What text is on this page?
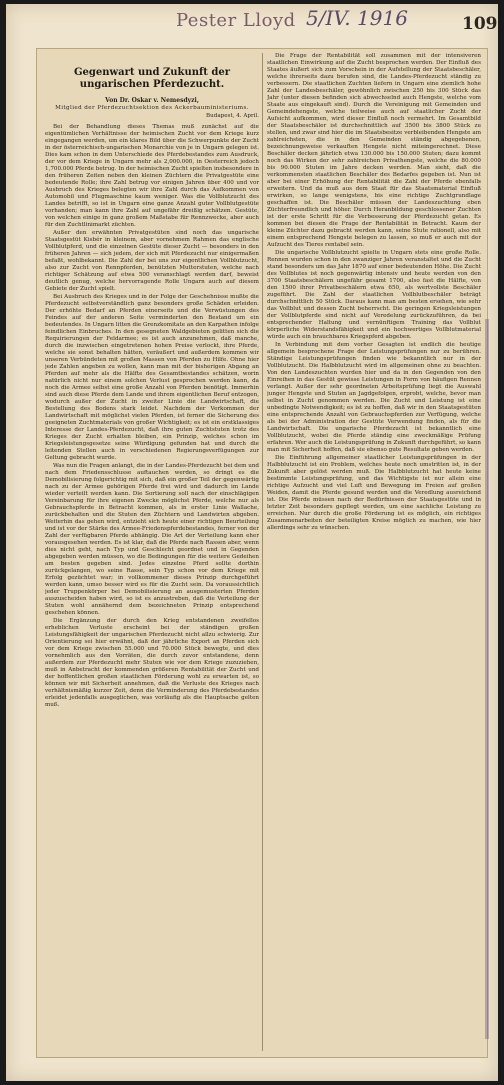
Pester Lloyd 5/IV. 1916	109
Gegenwart und Zukunft der ungarischen Pferdezucht.
Von Dr. Oskar v. Nemesdyzi,
Mitglied der Pferdezuchtsektion des Ackerbauministeriums.
Budapest, 4. April.

Bei der Behandlung dieses Themas muß zunächst auf die eigentümlichen Verhältnisse der heimischen Zucht vor dem Kriege kurz eingegangen werden, um ein klares Bild über die Schwerpunkte der Zucht in der österreichisch-ungarischen Monarchie von je in Ungarn gelegen ist. Dies kam schon in dem Unterschiede des Pferdebestandes zum Ausdruck, der vor dem Kriege in Ungarn mehr als 2,000.000, in Oesterreich jedoch 1,700.000 Pferde betrug. In der heimischen Zucht spielten insbesondere in den früheren Zeiten neben den kleinen Züchtern die Privatgestüte eine bedeutende Rolle; ihre Zahl betrug vor einigen Jahren über 400 und vor Ausbruch des Krieges belegten wir ihre Zahl durch das Aufkommen von Automobil und Flugmaschine kaum weniger. Was die Vollblutzucht des Landes betrifft, so ist in Ungarn eine ganze Anzahl guter Vollblutgestüte vorhanden; man kann ihre Zahl auf ungefähr dreißig schätzen. Gestüte, von welchen einige in ganz großem Maßstabe für Rennzwecke, aber auch für den Zuchtlinimarkt züchten.

Außer den erwähnten Privatgestüten sind noch das ungarische Staatsgestüt Kisbér in kleinem, aber vornehmem Rahmen das englische Vollblutpferd, und die einzelnen Gestüte dieser Zucht — besonders in den früheren Jahren — sich jedem, der sich mit Pferdezucht nur einigermaßen befaßt, wohlbekannt. Die Zahl der bei uns zur eigentlichen Vollblutzucht, also zur Zucht von Rennpferden, benützten Mutterstuten, welche nach richtiger Schätzung auf etwa 500 veranschlagt werden darf, beweist deutlich genug, welche hervorragende Rolle Ungarn auch auf diesem Gebiete der Zucht spielt.

Bei Ausbruch des Krieges und in der Folge der Geschehnisse mußte die Pferdezucht selbstverständlich ganz besonders große Schäden erleiden. Der erhöhte Bedarf an Pferden einerseits und die Verwüstungen des Feindes auf der anderen Seite verminderten den Bestand um ein bedeutendes. In Ungarn litten die Grenzkomitate an den Karpathen infolge feindlichen Einbruches. In den gesegneten Waldgebieten gelitten sich die Requirierungen der Feldarmee; es ist auch anzunehmen, daß manche, durch die inzwischen eingetretenen hohen Preise verlockt, ihre Pferde, welche sie sonst behalten hätten, veräußert und außerdem kommen wir unseren Verbündeten mit großen Massen von Pferden zu Hilfe. Ohne hier jede Zahlen angeben zu wollen, kann man mit der bisherigen Abgang an Pferden auf mehr als die Hälfte des Gesamtbestandes schätzen, worin natürlich nicht nur einem solchen Verlust gesprochen werden kann, da noch die Armee selbst eine große Anzahl von Pferden benötigt. Immerhin sind auch diese Pferde dem Lande und ihrem eigentlichen Beruf entzogen, wodurch außer der Zucht in zweiter Linie die Landwirtschaft, die Bestellung des Bodens stark leidet. Nachdem der Verkommen der Landwirtschaft mit möglichst vielen Pferden, ist ferner die Sicherung des geeigneten Zuchtmaterials von großer Wichtigkeit; es ist ein erstklassiges Interesse der Landes-Pferdezucht, daß ihre guten Zuchtstuten trotz des Krieges der Zucht erhalten bleiben, ein Prinzip, welches schon im Kriegsleistungsgesetze seine Würdigung gefunden hat und durch die leitenden Stellen auch in verschiedenen Regierungsverfügungen zur Geltung gebracht wurde.

Was nun die Fragen anlangt, die in der Landes-Pferdezucht bei dem und nach dem Friedensschlusse auftauchen werden, so dringt es die Demobilisierung folgerichtig mit sich, daß ein großer Teil der gegenwärtig nach zu der Armee gehörigen Pferde frei wird und dadurch im Lande wieder verteilt werden kann. Die Sortierung soll nach der einschlägigen Vereinbarung für ihre eigenen Zwecke möglichst Pferde, welche nur als Gebrauchspferde in Betracht kommen, als in erster Linie Wallache, zurückbehalten und die Stuten den Züchtern und Landwirten abgeben. Weiterhin das gehen wird, entzieht sich heute einer richtigen Beurteilung und ist vor der Stärke des Armee-Friedenspferdebestandes, ferner von der Zahl der verfügbaren Pferde abhängig. Die Art der Verteilung kann eher vorausgesehen werden. Es ist klar, daß die Pferde nach Rassen aber, wenn dies nicht geht, nach Typ und Geschlecht geordnet und in Gegenden abgegeben werden müssen, wo die Bedingungen für die weitere Gedeihen am besten gegeben sind. Jedes einzelne Pferd sollte dorthin zurückgelangen, wo seine Rasse, sein Typ schon vor dem Kriege mit Erfolg gezüchtet war; in vollkommener dieses Prinzip durchgeführt werden kann, umso besser wird es für die Zucht sein. Da voraussichtlich jeder Truppenkörper bei Demobilisierung an ausgemusterten Pferden auszuscheiden haben wird, so ist es anzustreben, daß die Verteilung der Stuten wohl annähernd dem bezeichneten Prinzip entsprechend geschehen können.

Die Ergänzung der durch den Krieg entstandenen zweifellos erheblichen Verluste erscheint bei der ständigen großen Leistungsfähigkeit der ungarischen Pferdezucht nicht allzu schwierig. Zur Orientierung sei hier erwähnt, daß der jährliche Export an Pferden sich vor dem Kriege zwischen 55.000 und 70.000 Stück bewegte, und dies vornehmlich aus den Vorräten, die durch zuvor entstandene, denn außerdem zur Pferdezucht mehr Stuten wie vor dem Kriege zuzuziehen, muß in Anbetracht der kommenden größeren Rentabilität der Zucht und der hoffentlichen großen staatlichen Förderung wohl zu erwarten ist, so können wir mit Sicherheit annehmen, daß die Verluste des Krieges nach verhältnismäßig kurzer Zeit, denn die Verminderung des Pferdebestandes erleidet jedenfalls ausgeglichen, was vorläufig als die Hauptsache gelten muß.

Die Frage der Rentabilität soll zusammen mit der intensiveren staatlichen Einwirkung auf die Zucht besprochen werden. Der Einfluß des Staates äußert sich zum Vorschein in der Aufstellung der Staatsbeschäler, welche ihrerseits dazu berufen sind, die Landes-Pferdezucht ständig zu verbessern. Die staatlichen Zuchten liefern in Ungarn eine ziemlich hohe Zahl der Landesbeschäler, gewöhnlich zwischen 250 bis 300 Stück das Jahr (unter diesen befinden sich abwechselnd auch Hengste, welche vom Staate aus eingekauft sind). Durch die Vereinigung mit Gemeinden und Gemeindehengste, welche teilweise auch auf staatlicher Zucht der Aufsicht aufkommen, wird dieser Einfluß noch vermehrt. Im Gesamtbild der Staatsbeschäler ist durchschnittlich auf 3500 bis 3800 Stück zu stellen, und zwar sind hier die im Staatsbesitze verbleibenden Hengste am zahlreichsten, die in den Gemeinden ständig abgegebenen, bezeichnungsweise verkauften Hengste nicht miteingerechnet. Diese Beschäler decken jährlich etwa 130.000 bis 150.000 Stuten; dazu kommt noch das Wirken der sehr zahlreichen Privathengste, welche die 80.000 bis 90.000 Stuten im Jahre decken werden. Man sieht, daß die verkommensten staatlichen Beschäler des Bedarfes gegeben ist. Nun ist aber bei einer Erhöhung der Rentabilität die Zahl der Pferde ebenfalls erweitern. Und da muß aus dem Staat für das Staatsmaterial Einfluß erwirken, so lange wenigstens, bis eine richtige Zuchtgrundlage geschaffen ist. Die Beschäler müssen der Landeszuchtung eben Züchterfreundlich und höher. Durch Heranbildung geschlossener Zuchten ist der erste Schritt für die Verbesserung der Pferdezucht getan. Es kommen bei diesen die Frage der Rentabilität in Betracht. Kaum der kleine Züchter dazu gebracht werden kann, seine Stute rationell, also mit einem entsprechend Hengste belegen zu lassen, so muß er auch mit der Aufzucht des Tieres rentabel sein.

Die ungarische Vollblutzucht spielte in Ungarn stets eine große Rolle. Rennen wurden schon in den zwanziger Jahren veranstaltet und die Zucht stand besonders um das Jahr 1870 auf einer bedeutenden Höhe. Die Zucht des Vollblutes ist noch gegenwärtig intensiv und heute werden von den 3700 Staatsbeschälern ungefähr gesamt 1700, also fast die Hälfte, von den 1500 ihrer Privatbeschälern etwa 650, als wertvollste Beschäler zugeführt. Die Zahl der staatlichen Vollblutbeschäler beträgt durchschnittlich 50 Stück. Daraus kann man am besten ersehen, wie sehr das Vollblut und dessen Zucht beherrscht. Die geringen Kriegsleistungen der Vollblutpferde sind nicht auf Veredelung zurückzuführen, da bei entsprechender Haltung und vernünftigem Training das Vollblut körperliche Widerstandsfähigkeit und ein hochwertiges Vollblutmaterial würde auch ein brauchbares Kriegspferd abgeben.

In Verbindung mit dem vorher Gesagten ist endlich die heutige allgemein besprochene Frage der Leistungsprüfungen nur zu berühren. Ständige Leistungsprüfungen finden wie bekanntlich nur in der Vollblutzucht. Die Halbblutzucht wird im allgemeinen ohne zu beachten. Von den Landeszuchten wurden hier und da in den Gegenden von den Einreihen in das Gestüt gewisse Leistungen in Form von häufigen Rennen verlangt. Außer der sehr geordneten Arbeitsprüfung liegt die Auswahl junger Hengste und Stuten an Jagdgefolgen, erprobt, welche, bevor man selbst in Zucht genommen werden. Die Zucht und Leistung ist eine unbedingte Notwendigkeit; es ist zu hoffen, daß wir in den Staatsgestüten eine entsprechende Anzahl von Gebrauchspferden zur Verfügung, welche als bei der Administration der Gestüte Verwendung finden, als für die Landwirtschaft. Die ungarische Pferdezucht ist bekanntlich eine Vollblutzucht, wobei die Pferde ständig eine zweckmäßige Prüfung erfahren. Wer auch die Leistungsprüfung in Zukunft durchgeführt, so kann man mit Sicherheit hoffen, daß sie ebenso gute Resultate geben werden.

Die Einführung allgemeiner staatlicher Leistungsprüfungen in der Halbblutzucht ist ein Problem, welches heute noch umstritten ist, in der Zukunft aber gelöst werden muß. Die Halbblutzucht hat heute keine bestimmte Leistungsprüfung, und das Wichtigste ist nur allein eine richtige Aufzucht und viel Luft und Bewegung im Freien auf großen Weiden, damit die Pferde gesund werden und die Veredlung ausreichend ist. Die Pferde müssen nach der Bedürfnissen der Staatsgestüte und in letzter Zeit besonders gepflegt werden, um eine sachliche Leistung zu erreichen. Nur durch die große Förderung ist es möglich, ein richtiges Zusammenarbeiten der beteiligten Kreise möglich zu machen, wie hier allerdings sehr zu wünschen.
